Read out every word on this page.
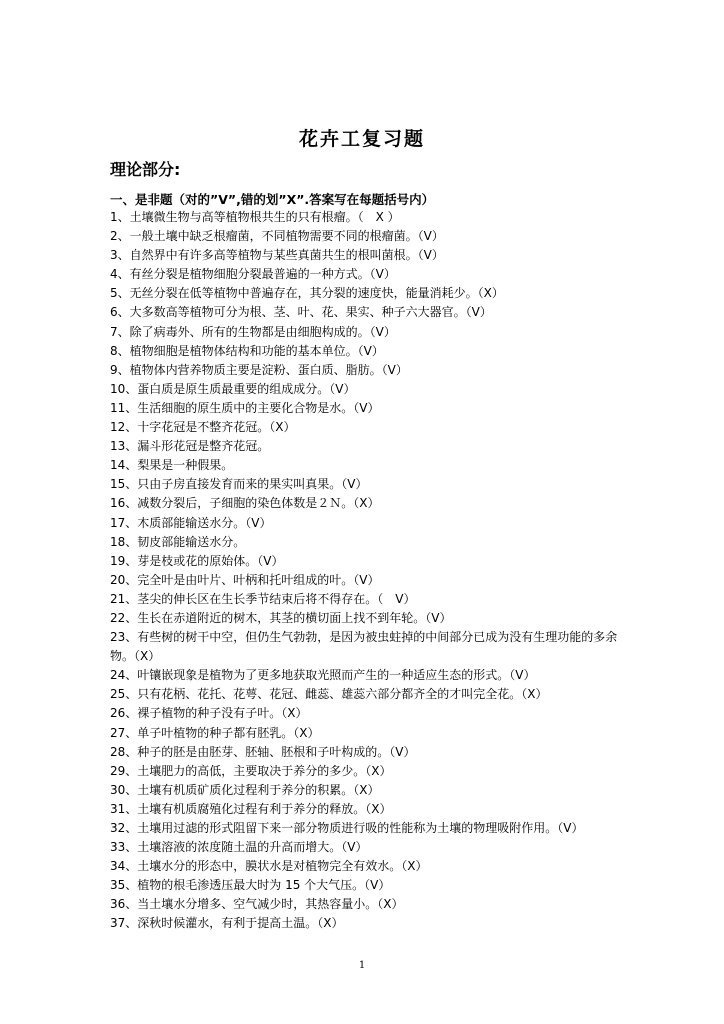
花卉工复习题
理论部分:
一、是非题（对的”V”,错的划”X”.答案写在每题括号内）
1、土壤微生物与高等植物根共生的只有根瘤。（　X ）
2、一般土壤中缺乏根瘤菌，不同植物需要不同的根瘤菌。（V）
3、自然界中有许多高等植物与某些真菌共生的根叫菌根。（V）
4、有丝分裂是植物细胞分裂最普遍的一种方式。（V）
5、无丝分裂在低等植物中普遍存在，其分裂的速度快，能量消耗少。（X）
6、大多数高等植物可分为根、茎、叶、花、果实、种子六大器官。（V）
7、除了病毒外、所有的生物都是由细胞构成的。（V）
8、植物细胞是植物体结构和功能的基本单位。（V）
9、植物体内营养物质主要是淀粉、蛋白质、脂肪。（V）
10、蛋白质是原生质最重要的组成成分。（V）
11、生活细胞的原生质中的主要化合物是水。（V）
12、十字花冠是不整齐花冠。（X）
13、漏斗形花冠是整齐花冠。
14、梨果是一种假果。
15、只由子房直接发育而来的果实叫真果。（V）
16、减数分裂后，子细胞的染色体数是２Ｎ。（X）
17、木质部能输送水分。（V）
18、韧皮部能输送水分。
19、芽是枝或花的原始体。（V）
20、完全叶是由叶片、叶柄和托叶组成的叶。（V）
21、茎尖的伸长区在生长季节结束后将不得存在。（　V）
22、生长在赤道附近的树木，其茎的横切面上找不到年轮。（V）
23、有些树的树干中空，但仍生气勃勃，是因为被虫蛀掉的中间部分已成为没有生理功能的多余物。（X）
24、叶镶嵌现象是植物为了更多地获取光照而产生的一种适应生态的形式。（V）
25、只有花柄、花托、花萼、花冠、雌蕊、雄蕊六部分都齐全的才叫完全花。（X）
26、裸子植物的种子没有子叶。（X）
27、单子叶植物的种子都有胚乳。（X）
28、种子的胚是由胚芽、胚轴、胚根和子叶构成的。（V）
29、土壤肥力的高低，主要取决于养分的多少。（X）
30、土壤有机质矿质化过程利于养分的积累。（X）
31、土壤有机质腐殖化过程有利于养分的释放。（X）
32、土壤用过滤的形式阻留下来一部分物质进行吸的性能称为土壤的物理吸附作用。（V）
33、土壤溶液的浓度随土温的升高而增大。（V）
34、土壤水分的形态中，膜状水是对植物完全有效水。（X）
35、植物的根毛渗透压最大时为 15 个大气压。（V）
36、当土壤水分增多、空气减少时，其热容量小。（X）
37、深秋时候灌水，有利于提高土温。（X）
1
